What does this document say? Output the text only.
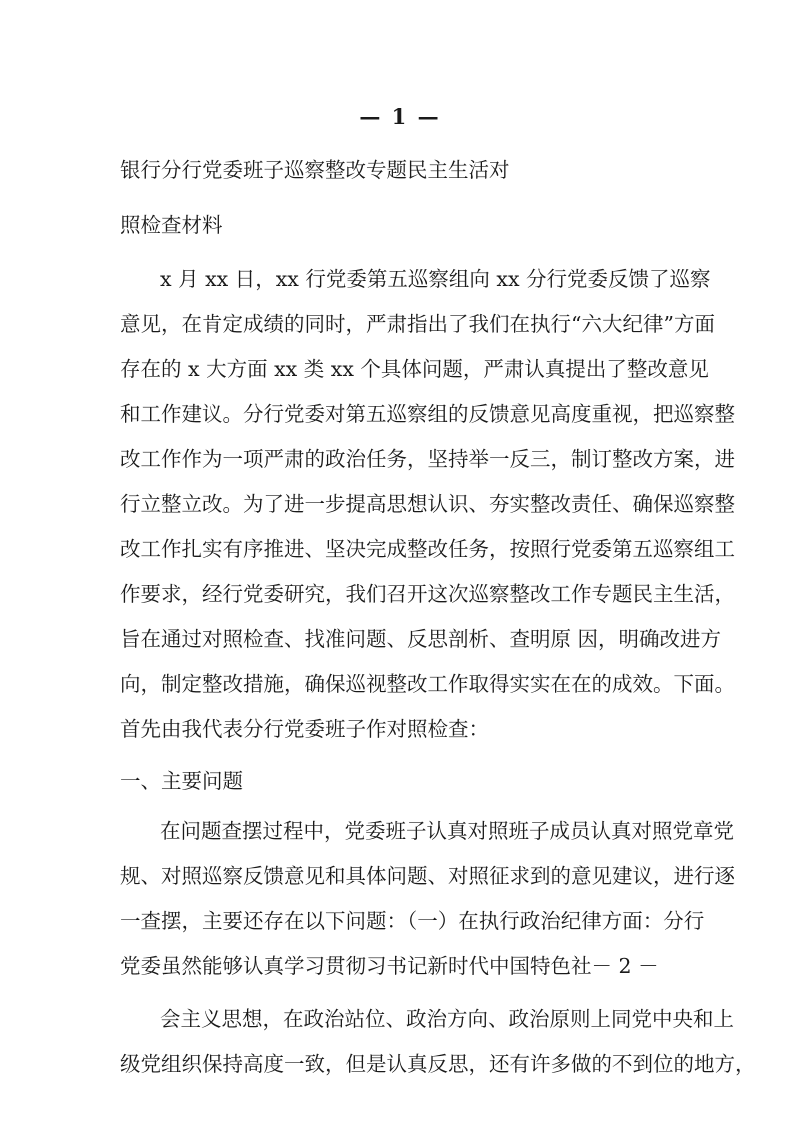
— 1 —
银行分行党委班子巡察整改专题民主生活对
照检查材料
x 月 xx 日，xx 行党委第五巡察组向 xx 分行党委反馈了巡察
意见，在肯定成绩的同时，严肃指出了我们在执行“六大纪律”方面
存在的 x 大方面 xx 类 xx 个具体问题，严肃认真提出了整改意见
和工作建议。分行党委对第五巡察组的反馈意见高度重视，把巡察整
改工作作为一项严肃的政治任务，坚持举一反三，制订整改方案，进
行立整立改。为了进一步提高思想认识、夯实整改责任、确保巡察整
改工作扎实有序推进、坚决完成整改任务，按照行党委第五巡察组工
作要求，经行党委研究，我们召开这次巡察整改工作专题民主生活，
旨在通过对照检查、找准问题、反思剖析、查明原 因，明确改进方
向，制定整改措施，确保巡视整改工作取得实实在在的成效。下面。
首先由我代表分行党委班子作对照检查：
一、主要问题
在问题查摆过程中，党委班子认真对照班子成员认真对照党章党
规、对照巡察反馈意见和具体问题、对照征求到的意见建议，进行逐
一查摆，主要还存在以下问题：（一）在执行政治纪律方面：分行
党委虽然能够认真学习贯彻习书记新时代中国特色社－ 2 －
会主义思想，在政治站位、政治方向、政治原则上同党中央和上
级党组织保持高度一致，但是认真反思，还有许多做的不到位的地方，
